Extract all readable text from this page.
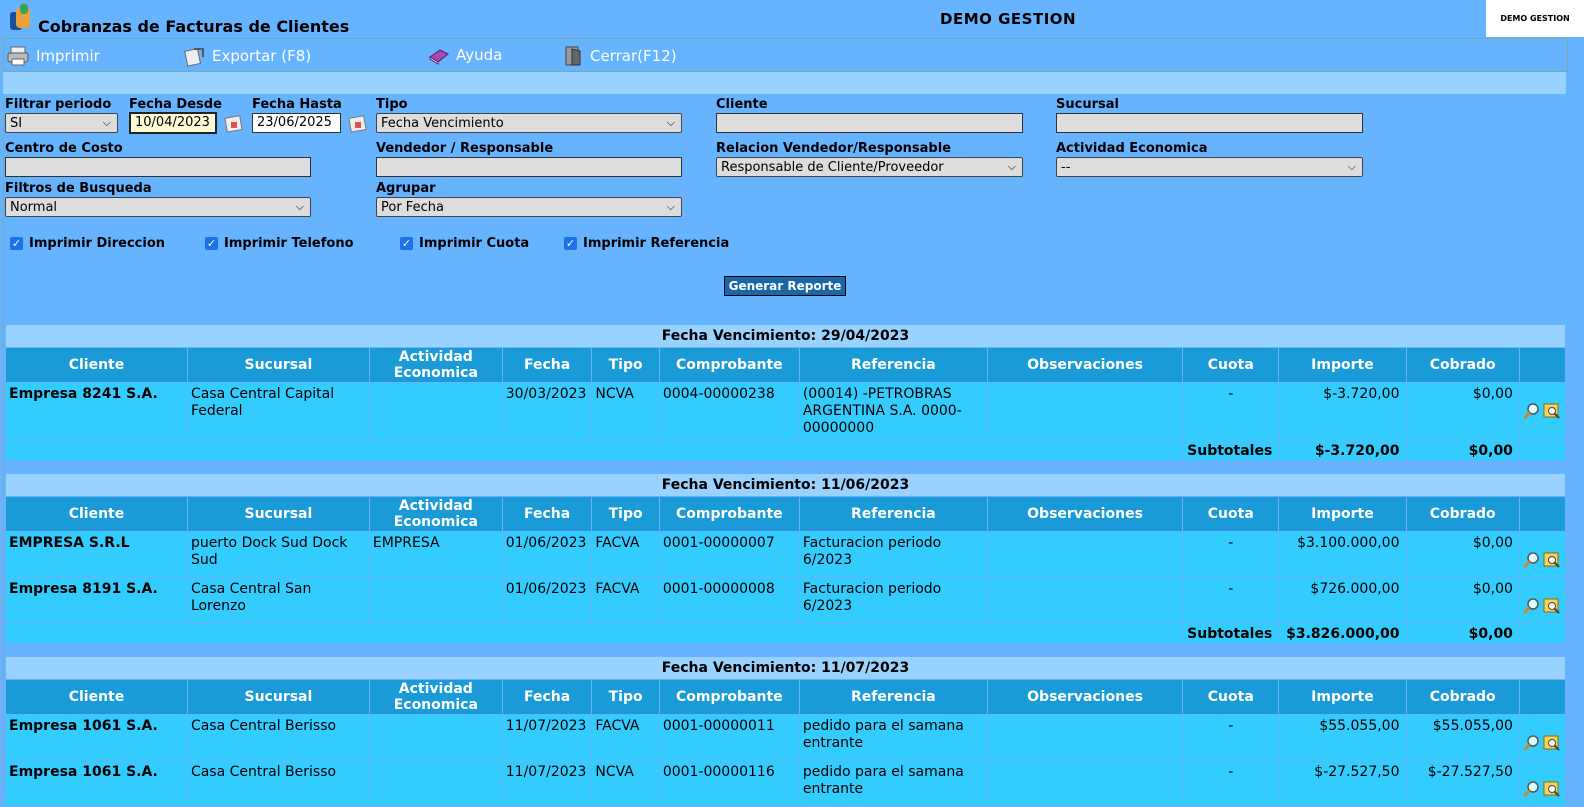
Cobranzas de Facturas de Clientes	DEMO GESTION	DEMO GESTION
Imprimir	Exportar (F8)	Ayuda	Cerrar(F12)
Filtrar periodo
SI	⌵
Fecha Desde
10/04/2023
Fecha Hasta
23/06/2025
Tipo
Fecha Vencimiento	⌵
Cliente	Sucursal
Centro de Costo	Vendedor / Responsable	Relacion Vendedor/Responsable
Responsable de Cliente/Proveedor	⌵
Actividad Economica
--	⌵
Filtros de Busqueda
Normal	⌵
Agrupar
Por Fecha	⌵
✓ Imprimir Direccion	✓ Imprimir Telefono	✓ Imprimir Cuota	✓ Imprimir Referencia
Generar Reporte
Fecha Vencimiento: 29/04/2023											
Cliente	Sucursal	Actividad Economica	Fecha	Tipo	Comprobante	Referencia	Observaciones	Cuota	Importe	Cobrado	
Empresa 8241 S.A.	Casa Central Capital Federal		30/03/2023	NCVA	0004-00000238	(00014) -PETROBRAS ARGENTINA S.A. 0000-00000000		-	$-3.720,00	$0,00	

								Subtotales	$-3.720,00	$0,00	

Fecha Vencimiento: 11/06/2023											
Cliente	Sucursal	Actividad Economica	Fecha	Tipo	Comprobante	Referencia	Observaciones	Cuota	Importe	Cobrado	
EMPRESA S.R.L	puerto Dock Sud Dock Sud	EMPRESA	01/06/2023	FACVA	0001-00000007	Facturacion periodo 6/2023		-	$3.100.000,00	$0,00	

Empresa 8191 S.A.	Casa Central San Lorenzo		01/06/2023	FACVA	0001-00000008	Facturacion periodo 6/2023		-	$726.000,00	$0,00	

								Subtotales	$3.826.000,00	$0,00	

Fecha Vencimiento: 11/07/2023											
Cliente	Sucursal	Actividad Economica	Fecha	Tipo	Comprobante	Referencia	Observaciones	Cuota	Importe	Cobrado	
Empresa 1061 S.A.	Casa Central Berisso		11/07/2023	FACVA	0001-00000011	pedido para el samana entrante		-	$55.055,00	$55.055,00	

Empresa 1061 S.A.	Casa Central Berisso		11/07/2023	NCVA	0001-00000116	pedido para el samana entrante		-	$-27.527,50	$-27.527,50	
